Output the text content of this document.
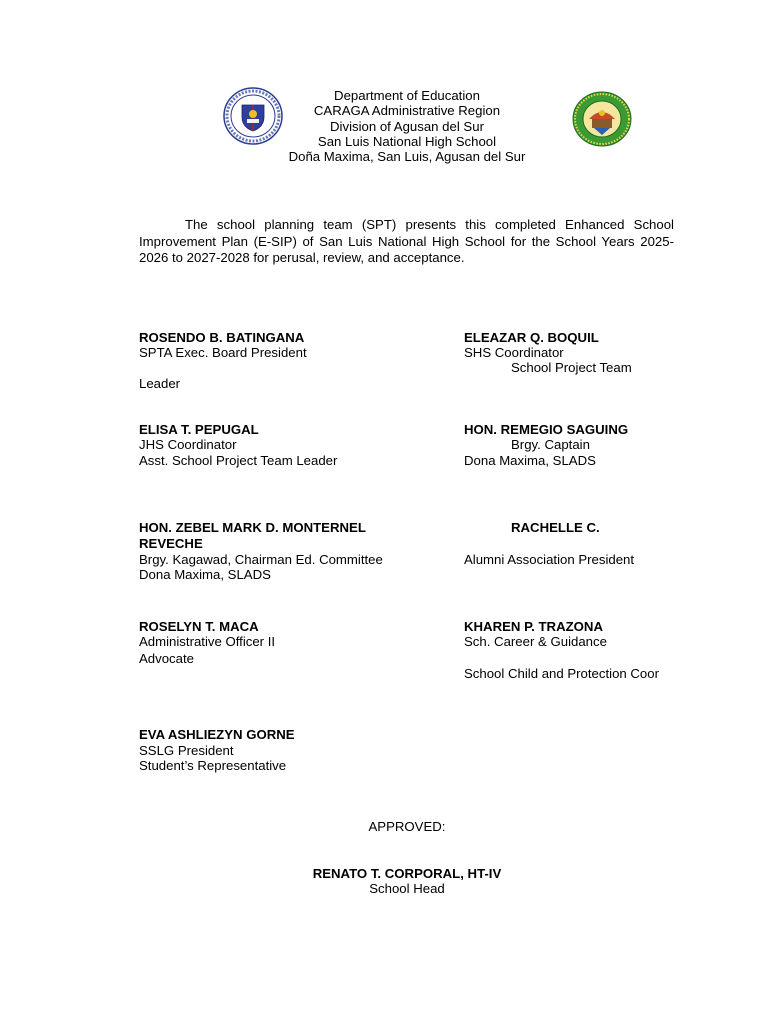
Department of Education
CARAGA Administrative Region
Division of Agusan del Sur
San Luis National High School
Doña Maxima, San Luis, Agusan del Sur
The school planning team (SPT) presents this completed Enhanced School Improvement Plan (E-SIP) of San Luis National High School for the School Years 2025-2026 to 2027-2028 for perusal, review, and acceptance.
ROSENDO B. BATINGANA
SPTA Exec. Board President
Leader
ELEAZAR Q. BOQUIL
SHS Coordinator
School Project Team
ELISA T. PEPUGAL
JHS Coordinator
Asst. School Project Team Leader
HON. REMEGIO SAGUING
Brgy. Captain
Dona Maxima, SLADS
HON. ZEBEL MARK D. MONTERNEL	RACHELLE C.
REVECHE
Brgy. Kagawad, Chairman Ed. Committee	Alumni Association President
Dona Maxima, SLADS
ROSELYN T. MACA
Administrative Officer II
Advocate
KHAREN P. TRAZONA
Sch. Career & Guidance
School Child and Protection Coor
EVA ASHLIEZYN GORNE
SSLG President
Student’s Representative
APPROVED:
RENATO T. CORPORAL, HT-IV
School Head
